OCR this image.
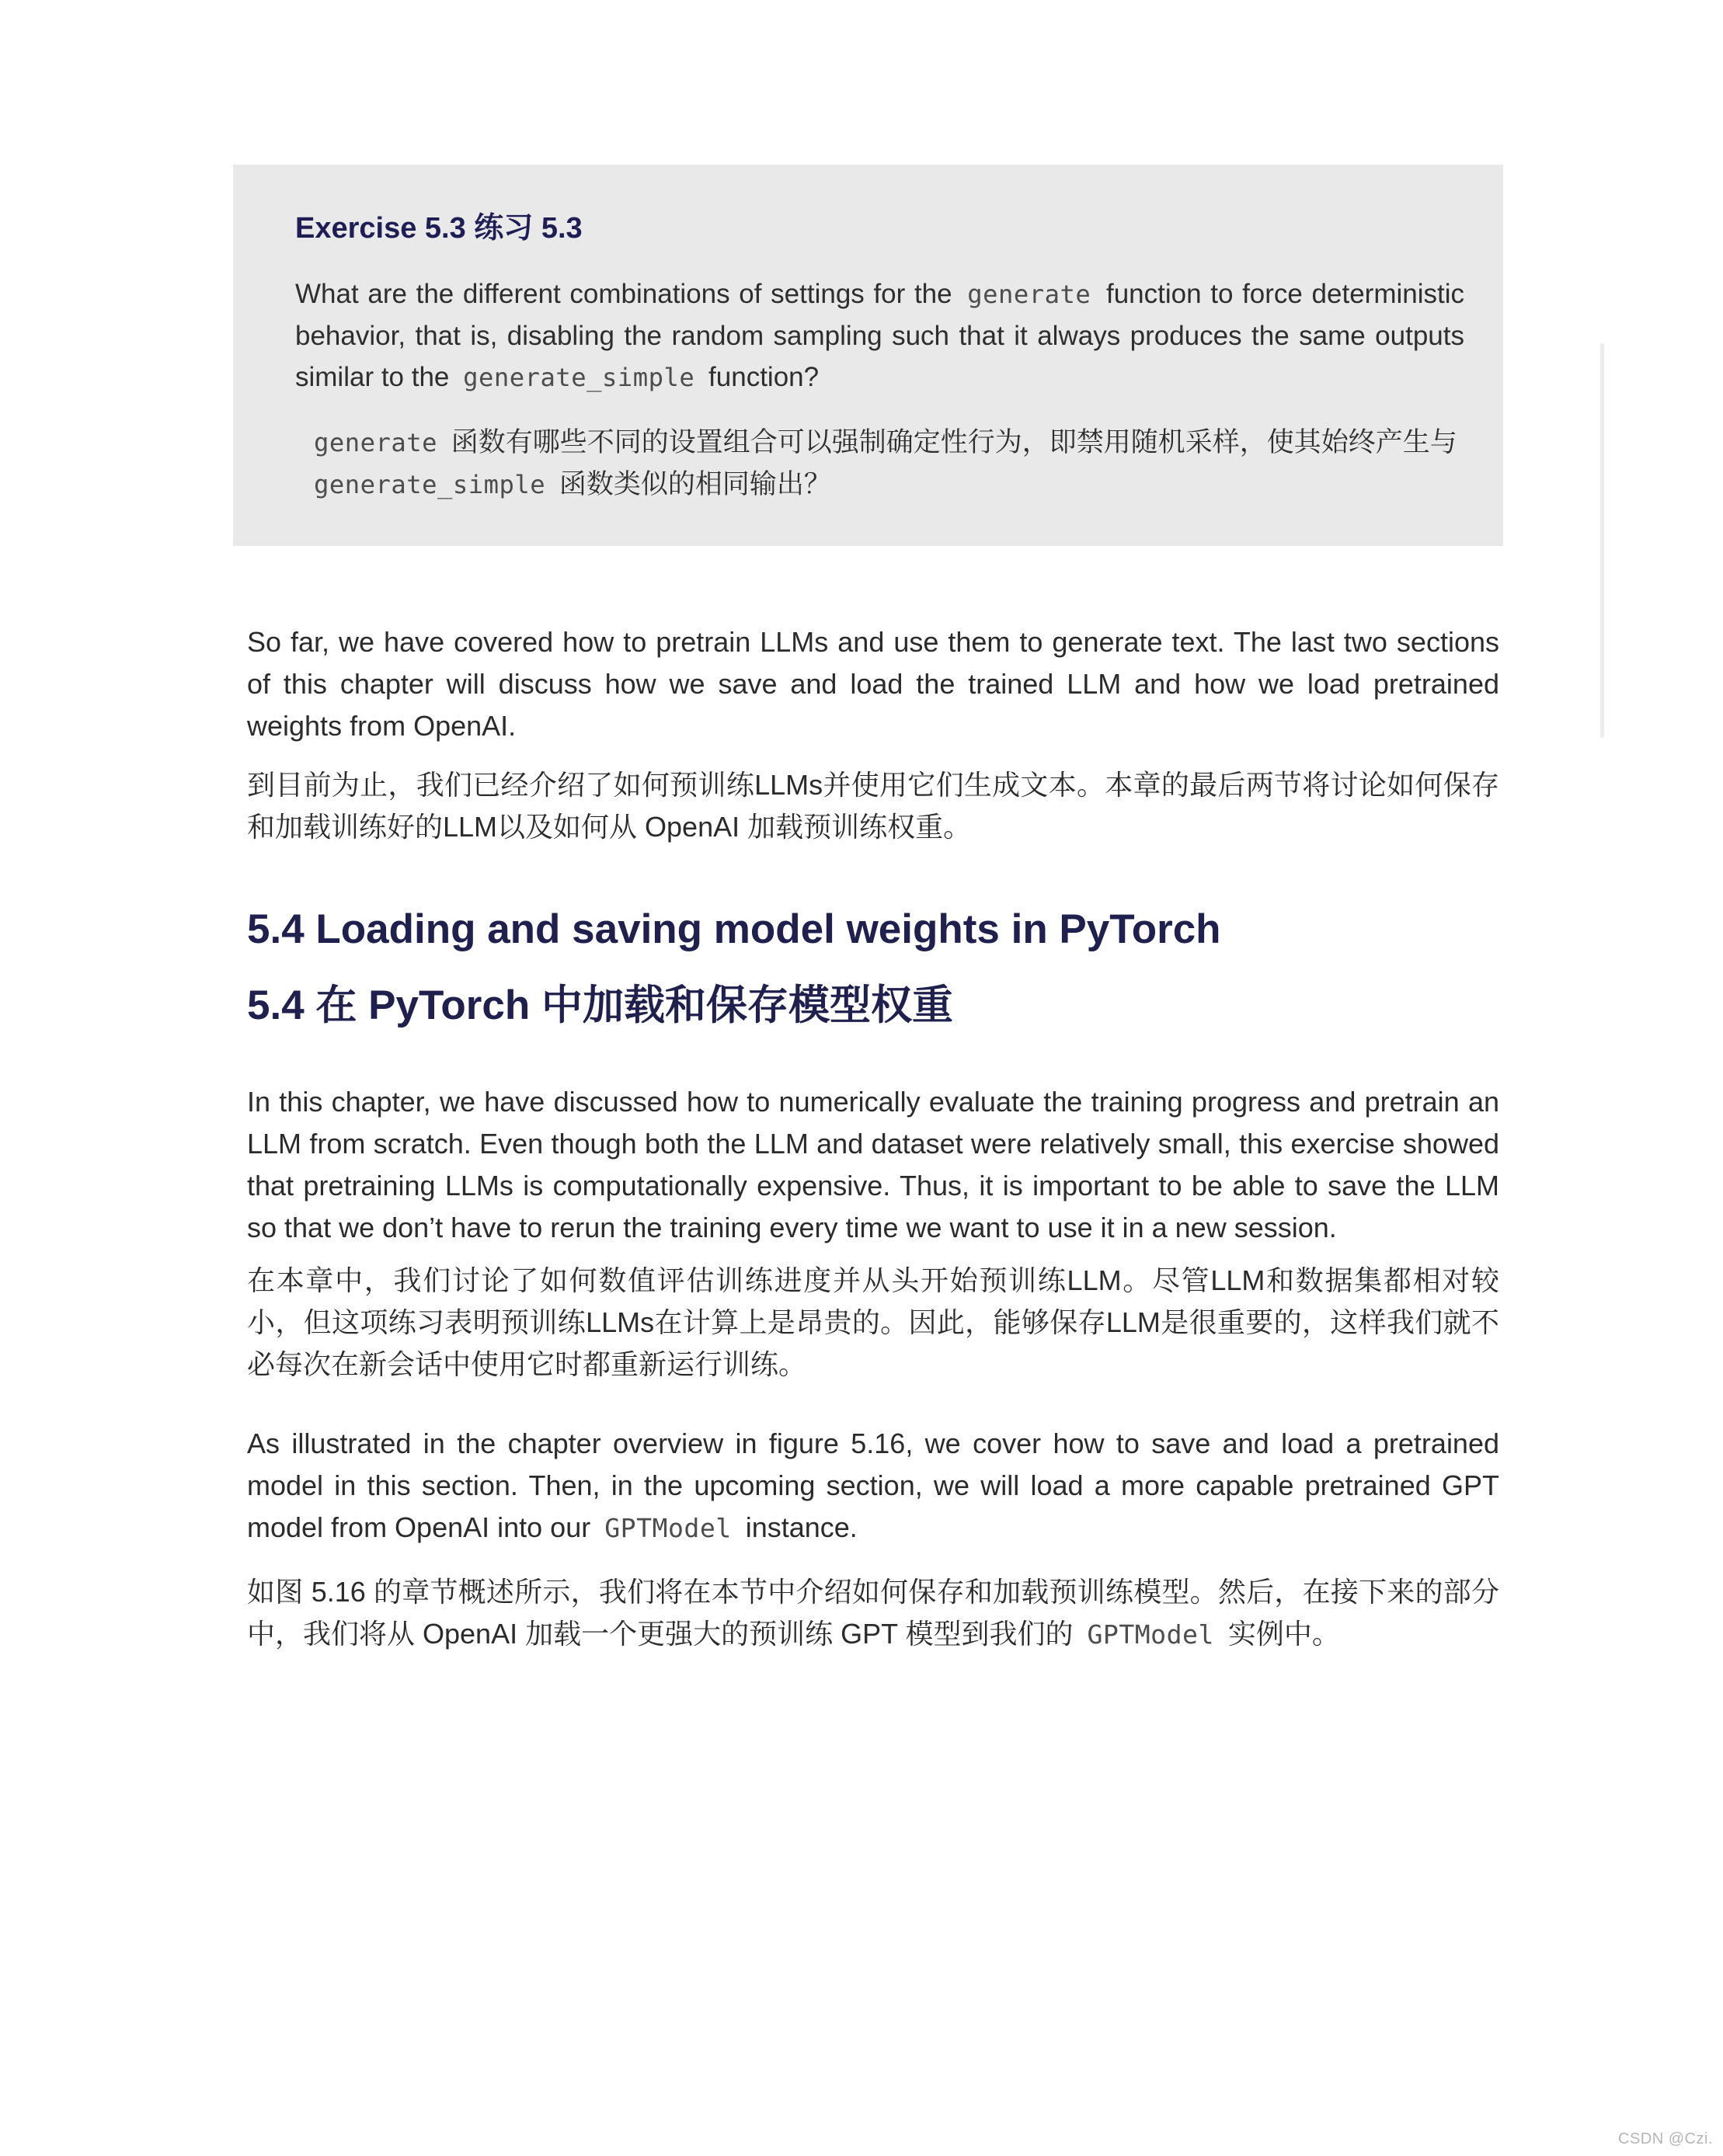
Exercise 5.3 练习 5.3

What are the different combinations of settings for the generate function to force deterministic behavior, that is, disabling the random sampling such that it always produces the same outputs similar to the generate_simple function?

generate 函数有哪些不同的设置组合可以强制确定性行为，即禁用随机采样，使其始终产生与 generate_simple 函数类似的相同输出？

So far, we have covered how to pretrain LLMs and use them to generate text. The last two sections of this chapter will discuss how we save and load the trained LLM and how we load pretrained weights from OpenAI.

到目前为止，我们已经介绍了如何预训练LLMs并使用它们生成文本。本章的最后两节将讨论如何保存和加载训练好的LLM以及如何从 OpenAI 加载预训练权重。

5.4 Loading and saving model weights in PyTorch
5.4 在 PyTorch 中加载和保存模型权重

In this chapter, we have discussed how to numerically evaluate the training progress and pretrain an LLM from scratch. Even though both the LLM and dataset were relatively small, this exercise showed that pretraining LLMs is computationally expensive. Thus, it is important to be able to save the LLM so that we don’t have to rerun the training every time we want to use it in a new session.

在本章中，我们讨论了如何数值评估训练进度并从头开始预训练LLM。尽管LLM和数据集都相对较小，但这项练习表明预训练LLMs在计算上是昂贵的。因此，能够保存LLM是很重要的，这样我们就不必每次在新会话中使用它时都重新运行训练。

As illustrated in the chapter overview in figure 5.16, we cover how to save and load a pretrained model in this section. Then, in the upcoming section, we will load a more capable pretrained GPT model from OpenAI into our GPTModel instance.

如图 5.16 的章节概述所示，我们将在本节中介绍如何保存和加载预训练模型。然后，在接下来的部分中，我们将从 OpenAI 加载一个更强大的预训练 GPT 模型到我们的 GPTModel 实例中。

CSDN @Czi.
